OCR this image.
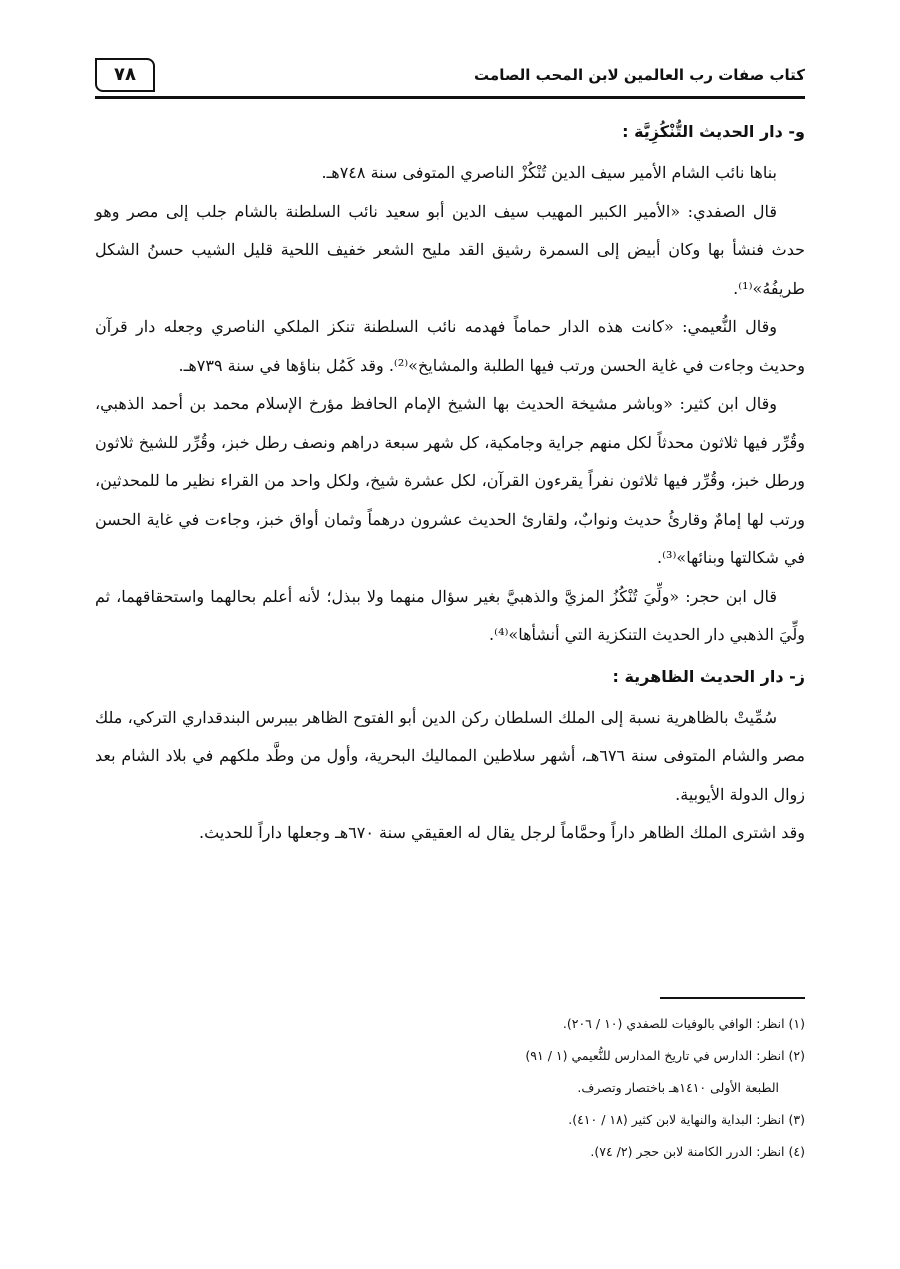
كتاب صفات رب العالمين لابن المحب الصامت
٧٨
و- دار الحديث التُّنْكُزِيَّة :

بناها نائب الشام الأمير سيف الدين تُنْكُزْ الناصري المتوفى سنة ٧٤٨هـ.

قال الصفدي: «الأمير الكبير المهيب سيف الدين أبو سعيد نائب السلطنة بالشام جلب إلى مصر وهو حدث فنشأ بها وكان أبيض إلى السمرة رشيق القد مليح الشعر خفيف اللحية قليل الشيب حسنُ الشكل طريفُهُ»⁽¹⁾.

وقال النُّعيمي: «كانت هذه الدار حماماً فهدمه نائب السلطنة تنكز الملكي الناصري وجعله دار قرآن وحديث وجاءت في غاية الحسن ورتب فيها الطلبة والمشايخ»⁽²⁾. وقد كَمُل بناؤها في سنة ٧٣٩هـ.

وقال ابن كثير: «وباشر مشيخة الحديث بها الشيخ الإمام الحافظ مؤرخ الإسلام محمد بن أحمد الذهبي، وقُرِّر فيها ثلاثون محدثاً لكل منهم جراية وجامكية، كل شهر سبعة دراهم ونصف رطل خبز، وقُرِّر للشيخ ثلاثون ورطل خبز، وقُرِّر فيها ثلاثون نفراً يقرءون القرآن، لكل عشرة شيخ، ولكل واحد من القراء نظير ما للمحدثين، ورتب لها إمامٌ وقارئُ حديث ونوابٌ، ولقارئ الحديث عشرون درهماً وثمان أواق خبز، وجاءت في غاية الحسن في شكالتها وبنائها»⁽³⁾.

قال ابن حجر: «ولِّيَ تُنْكُزُ المزيَّ والذهبيَّ بغير سؤال منهما ولا ببذل؛ لأنه أعلم بحالهما واستحقاقهما، ثم ولِّيَ الذهبي دار الحديث التنكزية التي أنشأها»⁽⁴⁾.

ز- دار الحديث الظاهرية :

سُمِّيتْ بالظاهرية نسبة إلى الملك السلطان ركن الدين أبو الفتوح الظاهر بيبرس البندقداري التركي، ملك مصر والشام المتوفى سنة ٦٧٦هـ، أشهر سلاطين المماليك البحرية، وأول من وطَّد ملكهم في بلاد الشام بعد زوال الدولة الأيوبية.

وقد اشترى الملك الظاهر داراً وحمَّاماً لرجل يقال له العقيقي سنة ٦٧٠هـ وجعلها داراً للحديث.

(١) انظر: الوافي بالوفيات للصفدي (١٠ / ٢٠٦).
(٢) انظر: الدارس في تاريخ المدارس للنُّعيمي (١ / ٩١)
الطبعة الأولى ١٤١٠هـ باختصار وتصرف.
(٣) انظر: البداية والنهاية لابن كثير (١٨ / ٤١٠).
(٤) انظر: الدرر الكامنة لابن حجر (٢/ ٧٤).
